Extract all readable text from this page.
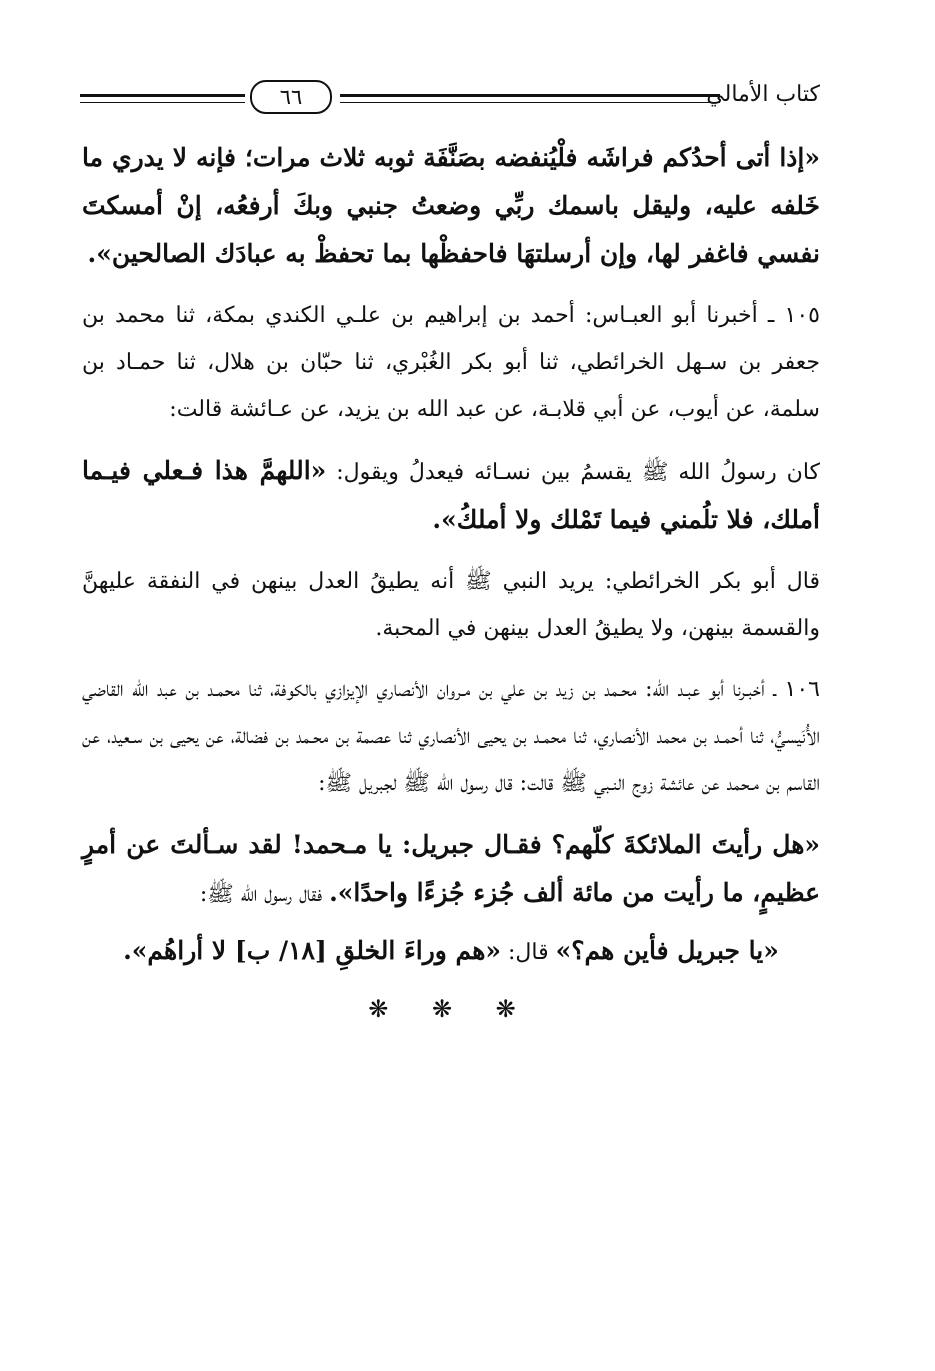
كتاب الأمالي
٦٦
«إذا أتى أحدُكم فراشَه فلْيُنفضه بصَنَّفَة ثوبه ثلاث مرات؛ فإنه لا يدري ما خَلفه عليه، وليقل باسمك ربِّي وضعتُ جنبي وبكَ أرفعُه، إنْ أمسكتَ نفسي فاغفر لها، وإن أرسلتهَا فاحفظْها بما تحفظْ به عبادَك الصالحين».
١٠٥ ـ أخبرنا أبو العبـاس: أحمد بن إبراهيم بن علـي الكندي بمكة، ثنا محمد بن جعفر بن سـهل الخرائطي، ثنا أبو بكر الغُبْري، ثنا حبّان بن هلال، ثنا حمـاد بن سلمة، عن أيوب، عن أبي قلابـة، عن عبد الله بن يزيد، عن عـائشة قالت:
كان رسولُ الله ﷺ يقسمُ بين نسـائه فيعدلُ ويقول: «اللهمَّ هذا فـعلي فيـما أملك، فلا تلُمني فيما تَمْلك ولا أملكُ».
قال أبو بكر الخرائطي: يريد النبي ﷺ أنه يطيقُ العدل بينهن في النفقة عليهنَّ والقسمة بينهن، ولا يطيقُ العدل بينهن في المحبة.
١٠٦ ـ أخبـرنا أبو عبـد الله: محـمد بن زيد بن علي بن مـروان الأنصاري الإيزازي بالكوفة، ثنا محمـد بن عبد الله القاضي الأُنَيسيُّ، ثنا أحمـد بن محمد الأنصاري، ثنا محمـد بن يحيى الأنصاري ثنا عصمة بن محـمد بن فضالة، عن يحيى بن سـعيد، عن القاسم بن مـحمد عن عائشة زوج النـبي ﷺ قالت: قال رسول الله ﷺ لجبريل ﷺ:
«هل رأيتَ الملائكةَ كلّهم؟ فقـال جبريل: يا مـحمد! لقد سـألتَ عن أمرٍ عظيمٍ، ما رأيت من مائة ألف جُزء جُزءًا واحدًا». فقال رسول الله ﷺ:
«يا جبريل فأين هم؟» قال: «هم وراءَ الخلقِ [١٨/ ب] لا أراهُم».
❋ ❋ ❋
